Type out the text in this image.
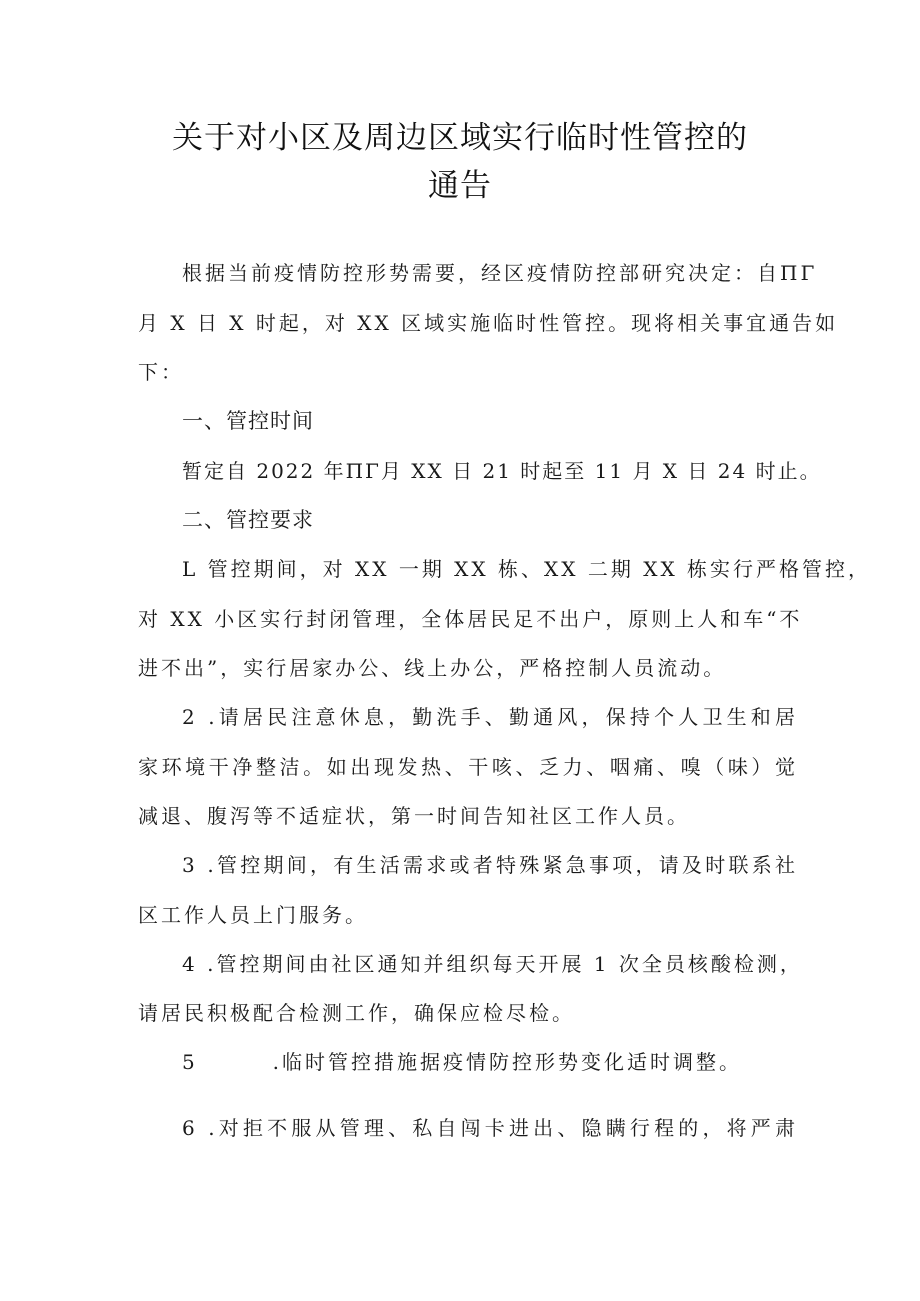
关于对小区及周边区域实行临时性管控的
通告
根据当前疫情防控形势需要，经区疫情防控部研究决定：自ΠΓ
月 X 日 X 时起，对 XX 区域实施临时性管控。现将相关事宜通告如
下：
一、管控时间
暂定自 2022 年ΠΓ月 XX 日 21 时起至 11 月 X 日 24 时止。
二、管控要求
L 管控期间，对 XX 一期 XX 栋、XX 二期 XX 栋实行严格管控，
对 XX 小区实行封闭管理，全体居民足不出户，原则上人和车“不
进不出”，实行居家办公、线上办公，严格控制人员流动。
2 .请居民注意休息，勤洗手、勤通风，保持个人卫生和居
家环境干净整洁。如出现发热、干咳、乏力、咽痛、嗅（味）觉
减退、腹泻等不适症状，第一时间告知社区工作人员。
3 .管控期间，有生活需求或者特殊紧急事项，请及时联系社
区工作人员上门服务。
4 .管控期间由社区通知并组织每天开展 1 次全员核酸检测，
请居民积极配合检测工作，确保应检尽检。
5        .临时管控措施据疫情防控形势变化适时调整。
6 .对拒不服从管理、私自闯卡进出、隐瞒行程的，将严肃
